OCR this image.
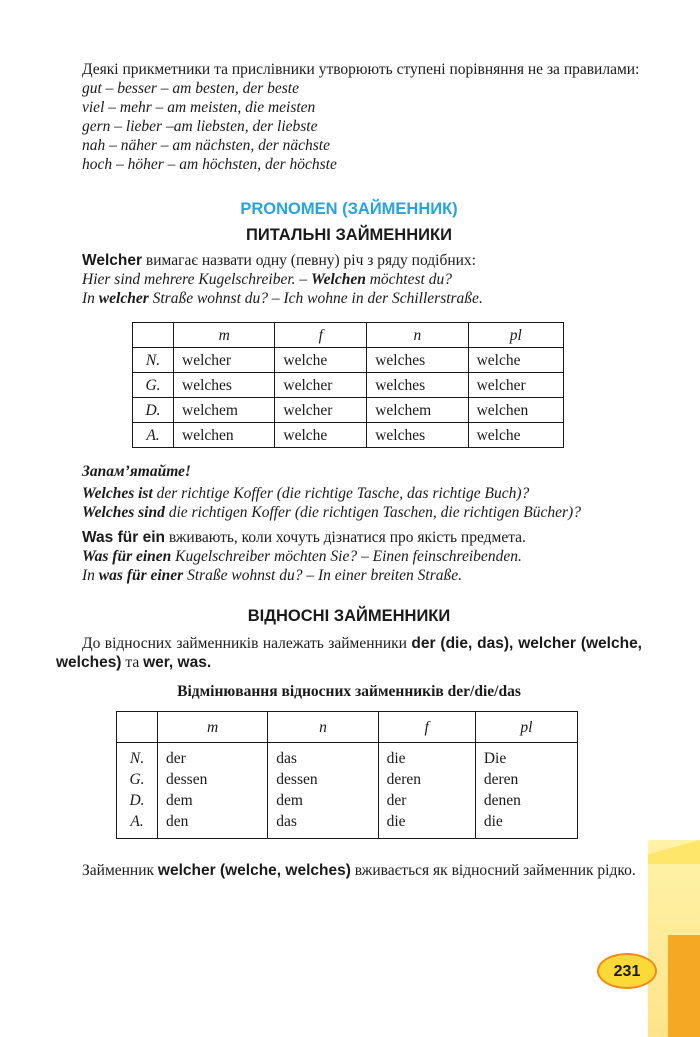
Деякі прикметники та прислівники утворюють ступені порівняння не за правилами:

gut – besser – am besten, der beste

viel – mehr – am meisten, die meisten

gern – lieber –am liebsten, der liebste

nah – näher – am nächsten, der nächste

hoch – höher – am höchsten, der höchste

PRONOMEN (ЗАЙМЕННИК)
ПИТАЛЬНІ ЗАЙМЕННИКИ

Welcher вимагає назвати одну (певну) річ з ряду подібних:

Hier sind mehrere Kugelschreiber. – Welchen möchtest du?

In welcher Straße wohnst du? – Ich wohne in der Schillerstraße.

	m	f	n	pl
N.	welcher	welche	welches	welche
G.	welches	welcher	welches	welcher
D.	welchem	welcher	welchem	welchen
A.	welchen	welche	welches	welche

Запам’ятайте!

Welches ist der richtige Koffer (die richtige Tasche, das richtige Buch)?

Welches sind die richtigen Koffer (die richtigen Taschen, die richtigen Bücher)?

Was für ein вживають, коли хочуть дізнатися про якість предмета.

Was für einen Kugelschreiber möchten Sie? – Einen feinschreibenden.

In was für einer Straße wohnst du? – In einer breiten Straße.

ВІДНОСНІ ЗАЙМЕННИКИ

До відносних займенників належать займенники der (die, das), welcher (welche, welches) та wer, was.

Відмінювання відносних займенників der/die/das
	m	n	f	pl
N.	der	das	die	Die
G.	dessen	dessen	deren	deren
D.	dem	dem	der	denen
A.	den	das	die	die

Займенник welcher (welche, welches) вживається як відносний займенник рідко.

231
